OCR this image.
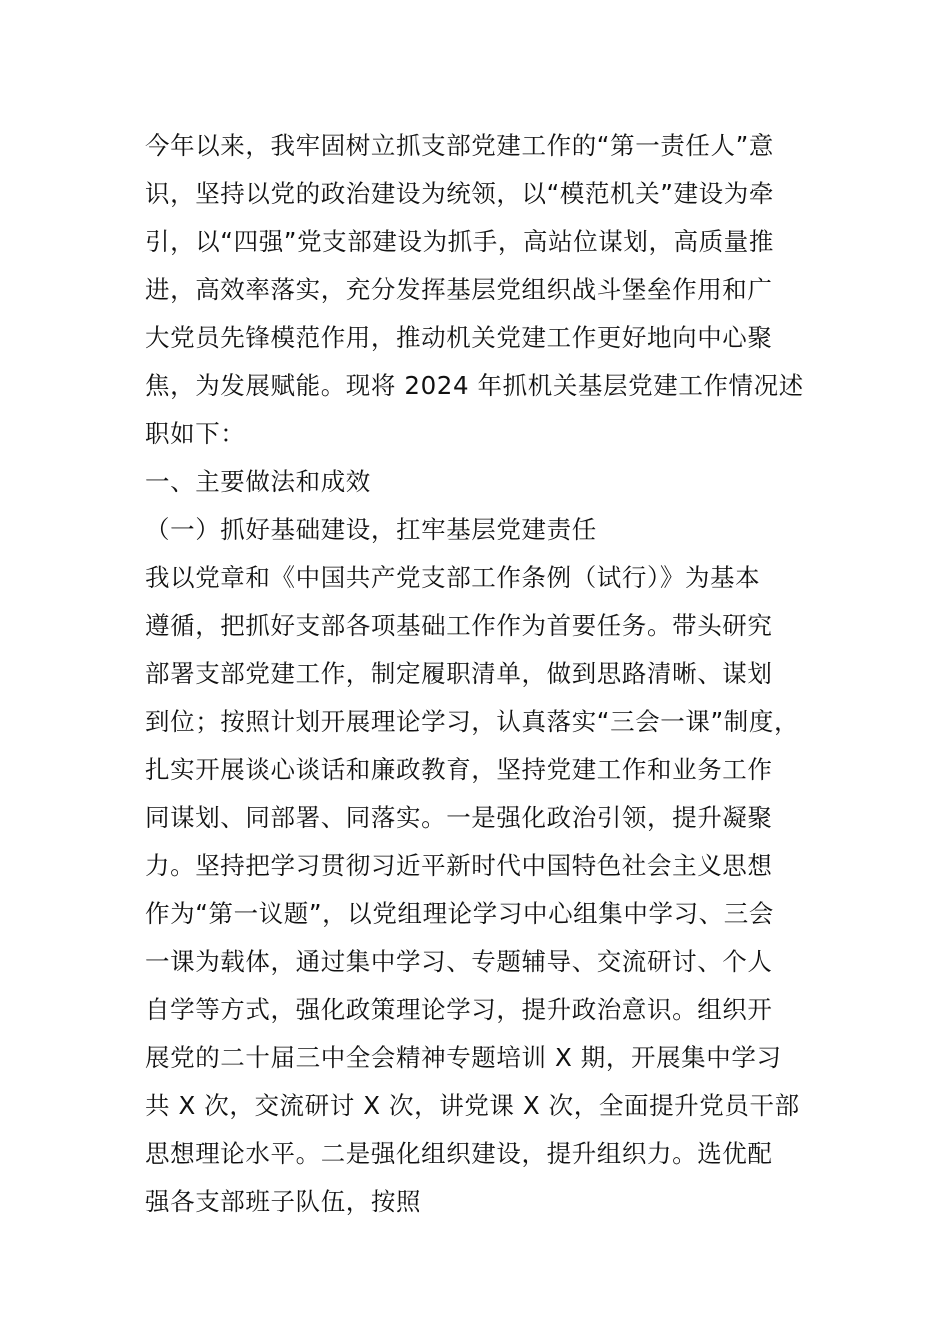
今年以来，我牢固树立抓支部党建工作的“第一责任人”意

识，坚持以党的政治建设为统领，以“模范机关”建设为牵

引，以“四强”党支部建设为抓手，高站位谋划，高质量推

进，高效率落实，充分发挥基层党组织战斗堡垒作用和广

大党员先锋模范作用，推动机关党建工作更好地向中心聚

焦，为发展赋能。现将 2024 年抓机关基层党建工作情况述

职如下：

一、主要做法和成效

（一）抓好基础建设，扛牢基层党建责任

我以党章和《中国共产党支部工作条例（试行）》为基本

遵循，把抓好支部各项基础工作作为首要任务。带头研究

部署支部党建工作，制定履职清单，做到思路清晰、谋划

到位；按照计划开展理论学习，认真落实“三会一课”制度，

扎实开展谈心谈话和廉政教育，坚持党建工作和业务工作

同谋划、同部署、同落实。一是强化政治引领，提升凝聚

力。坚持把学习贯彻习近平新时代中国特色社会主义思想

作为“第一议题”，以党组理论学习中心组集中学习、三会

一课为载体，通过集中学习、专题辅导、交流研讨、个人

自学等方式，强化政策理论学习，提升政治意识。组织开

展党的二十届三中全会精神专题培训 X 期，开展集中学习

共 X 次，交流研讨 X 次，讲党课 X 次，全面提升党员干部

思想理论水平。二是强化组织建设，提升组织力。选优配

强各支部班子队伍，按照
